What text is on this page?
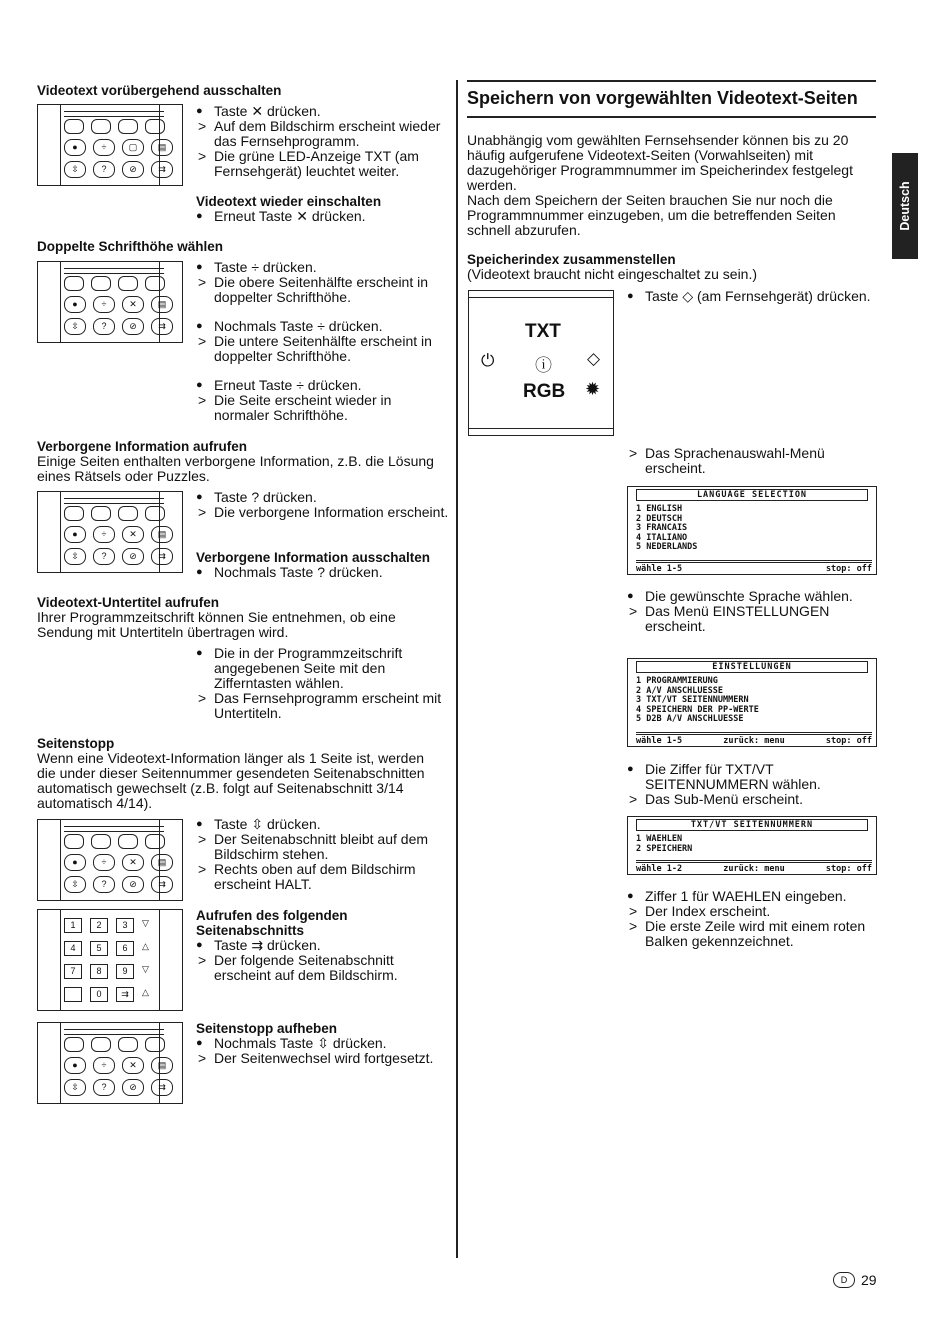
Deutsch

Videotext vorübergehend ausschalten

●	÷	▢	▤
⇳	?	⊘	⇉

● Taste ✕ drücken.

> Auf dem Bildschirm erscheint wieder das Fernsehprogramm.

> Die grüne LED-Anzeige TXT (am Fernsehgerät) leuchtet weiter.

Videotext wieder einschalten

● Erneut Taste ✕ drücken.

Doppelte Schrifthöhe wählen

●	÷	✕	▤
⇳	?	⊘	⇉

● Taste ÷ drücken.

> Die obere Seitenhälfte erscheint in doppelter Schrifthöhe.

● Nochmals Taste ÷ drücken.

> Die untere Seitenhälfte erscheint in doppelter Schrifthöhe.

● Erneut Taste ÷ drücken.

> Die Seite erscheint wieder in normaler Schrifthöhe.

Verborgene Information aufrufen

Einige Seiten enthalten verborgene Information, z.B. die Lösung eines Rätsels oder Puzzles.

●	÷	✕	▤
⇳	?	⊘	⇉

● Taste ? drücken.

> Die verborgene Information erscheint.

Verborgene Information ausschalten

● Nochmals Taste ? drücken.

Videotext-Untertitel aufrufen

Ihrer Programmzeitschrift können Sie entnehmen, ob eine Sendung mit Untertiteln übertragen wird.

● Die in der Programmzeitschrift angegebenen Seite mit den Zifferntasten wählen.

> Das Fernsehprogramm erscheint mit Untertiteln.

Seitenstopp

Wenn eine Videotext-Information länger als 1 Seite ist, werden die under dieser Seitennummer gesendeten Seitenabschnitten automatisch gewechselt (z.B. folgt auf Seitenabschnitt 3/14 automatisch 4/14).

●	÷	✕	▤
⇳	?	⊘	⇉

● Taste ⇳ drücken.

> Der Seitenabschnitt bleibt auf dem Bildschirm stehen.

> Rechts oben auf dem Bildschirm erscheint HALT.

1	2	3	▽
4	5	6	△
7	8	9	▽
0	⇉	△

Aufrufen des folgenden Seitenabschnitts

● Taste ⇉ drücken.

> Der folgende Seitenabschnitt erscheint auf dem Bildschirm.

●	÷	✕	▤
⇳	?	⊘	⇉

Seitenstopp aufheben

● Nochmals Taste ⇳ drücken.

> Der Seitenwechsel wird fortgesetzt.

Speichern von vorgewählten Videotext-Seiten

Unabhängig vom gewählten Fernsehsender können bis zu 20 häufig aufgerufene Videotext-Seiten (Vorwahlseiten) mit dazugehöriger Programmnummer im Speicherindex festgelegt werden.

Nach dem Speichern der Seiten brauchen Sie nur noch die Programmnummer einzugeben, um die betreffenden Seiten schnell abzurufen.

Speicherindex zusammenstellen

(Videotext braucht nicht eingeschaltet zu sein.)

TXT
⏻ ⓘ ◇
RGB ✹

● Taste ◇ (am Fernsehgerät) drücken.

> Das Sprachenauswahl-Menü erscheint.

LANGUAGE SELECTION
1 ENGLISH
2 DEUTSCH
3 FRANCAIS
4 ITALIANO
5 NEDERLANDS
wähle 1-5	stop: off

● Die gewünschte Sprache wählen.

> Das Menü EINSTELLUNGEN erscheint.

EINSTELLUNGEN
1 PROGRAMMIERUNG
2 A/V ANSCHLUESSE
3 TXT/VT SEITENNUMMERN
4 SPEICHERN DER PP-WERTE
5 D2B A/V ANSCHLUESSE
wähle 1-5	zurück: menu	stop: off

● Die Ziffer für TXT/VT SEITENNUMMERN wählen.

> Das Sub-Menü erscheint.

TXT/VT SEITENNUMMERN
1 WAEHLEN
2 SPEICHERN
wähle 1-2	zurück: menu	stop: off

● Ziffer 1 für WAEHLEN eingeben.

> Der Index erscheint.

> Die erste Zeile wird mit einem roten Balken gekennzeichnet.

D 29
